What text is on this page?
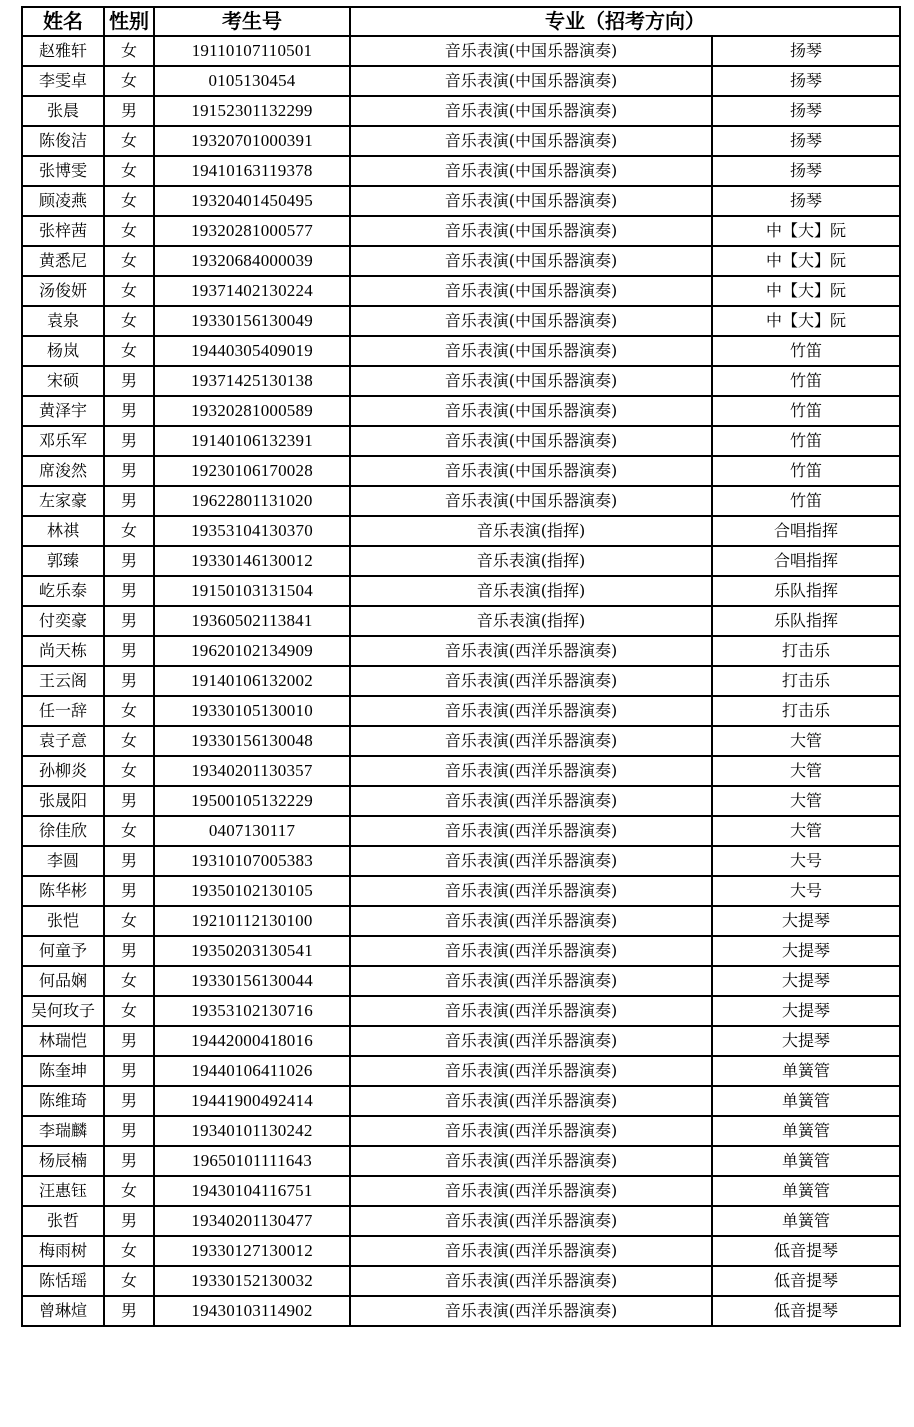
姓名	性别	考生号	专业（招考方向）	
赵雅轩	女	19110107110501	音乐表演(中国乐器演奏)	扬琴
李雯卓	女	0105130454	音乐表演(中国乐器演奏)	扬琴
张晨	男	19152301132299	音乐表演(中国乐器演奏)	扬琴
陈俊洁	女	19320701000391	音乐表演(中国乐器演奏)	扬琴
张博雯	女	19410163119378	音乐表演(中国乐器演奏)	扬琴
顾凌燕	女	19320401450495	音乐表演(中国乐器演奏)	扬琴
张梓茜	女	19320281000577	音乐表演(中国乐器演奏)	中【大】阮
黄悉尼	女	19320684000039	音乐表演(中国乐器演奏)	中【大】阮
汤俊妍	女	19371402130224	音乐表演(中国乐器演奏)	中【大】阮
袁泉	女	19330156130049	音乐表演(中国乐器演奏)	中【大】阮
杨岚	女	19440305409019	音乐表演(中国乐器演奏)	竹笛
宋硕	男	19371425130138	音乐表演(中国乐器演奏)	竹笛
黄泽宇	男	19320281000589	音乐表演(中国乐器演奏)	竹笛
邓乐军	男	19140106132391	音乐表演(中国乐器演奏)	竹笛
席浚然	男	19230106170028	音乐表演(中国乐器演奏)	竹笛
左家豪	男	19622801131020	音乐表演(中国乐器演奏)	竹笛
林祺	女	19353104130370	音乐表演(指挥)	合唱指挥
郭臻	男	19330146130012	音乐表演(指挥)	合唱指挥
屹乐泰	男	19150103131504	音乐表演(指挥)	乐队指挥
付奕豪	男	19360502113841	音乐表演(指挥)	乐队指挥
尚天栋	男	19620102134909	音乐表演(西洋乐器演奏)	打击乐
王云阁	男	19140106132002	音乐表演(西洋乐器演奏)	打击乐
任一辞	女	19330105130010	音乐表演(西洋乐器演奏)	打击乐
袁子意	女	19330156130048	音乐表演(西洋乐器演奏)	大管
孙柳炎	女	19340201130357	音乐表演(西洋乐器演奏)	大管
张晟阳	男	19500105132229	音乐表演(西洋乐器演奏)	大管
徐佳欣	女	0407130117	音乐表演(西洋乐器演奏)	大管
李圆	男	19310107005383	音乐表演(西洋乐器演奏)	大号
陈华彬	男	19350102130105	音乐表演(西洋乐器演奏)	大号
张恺	女	19210112130100	音乐表演(西洋乐器演奏)	大提琴
何童予	男	19350203130541	音乐表演(西洋乐器演奏)	大提琴
何品娴	女	19330156130044	音乐表演(西洋乐器演奏)	大提琴
吴何玫子	女	19353102130716	音乐表演(西洋乐器演奏)	大提琴
林瑞恺	男	19442000418016	音乐表演(西洋乐器演奏)	大提琴
陈奎坤	男	19440106411026	音乐表演(西洋乐器演奏)	单簧管
陈维琦	男	19441900492414	音乐表演(西洋乐器演奏)	单簧管
李瑞麟	男	19340101130242	音乐表演(西洋乐器演奏)	单簧管
杨辰楠	男	19650101111643	音乐表演(西洋乐器演奏)	单簧管
汪惠钰	女	19430104116751	音乐表演(西洋乐器演奏)	单簧管
张哲	男	19340201130477	音乐表演(西洋乐器演奏)	单簧管
梅雨树	女	19330127130012	音乐表演(西洋乐器演奏)	低音提琴
陈恬瑶	女	19330152130032	音乐表演(西洋乐器演奏)	低音提琴
曾琳煊	男	19430103114902	音乐表演(西洋乐器演奏)	低音提琴
